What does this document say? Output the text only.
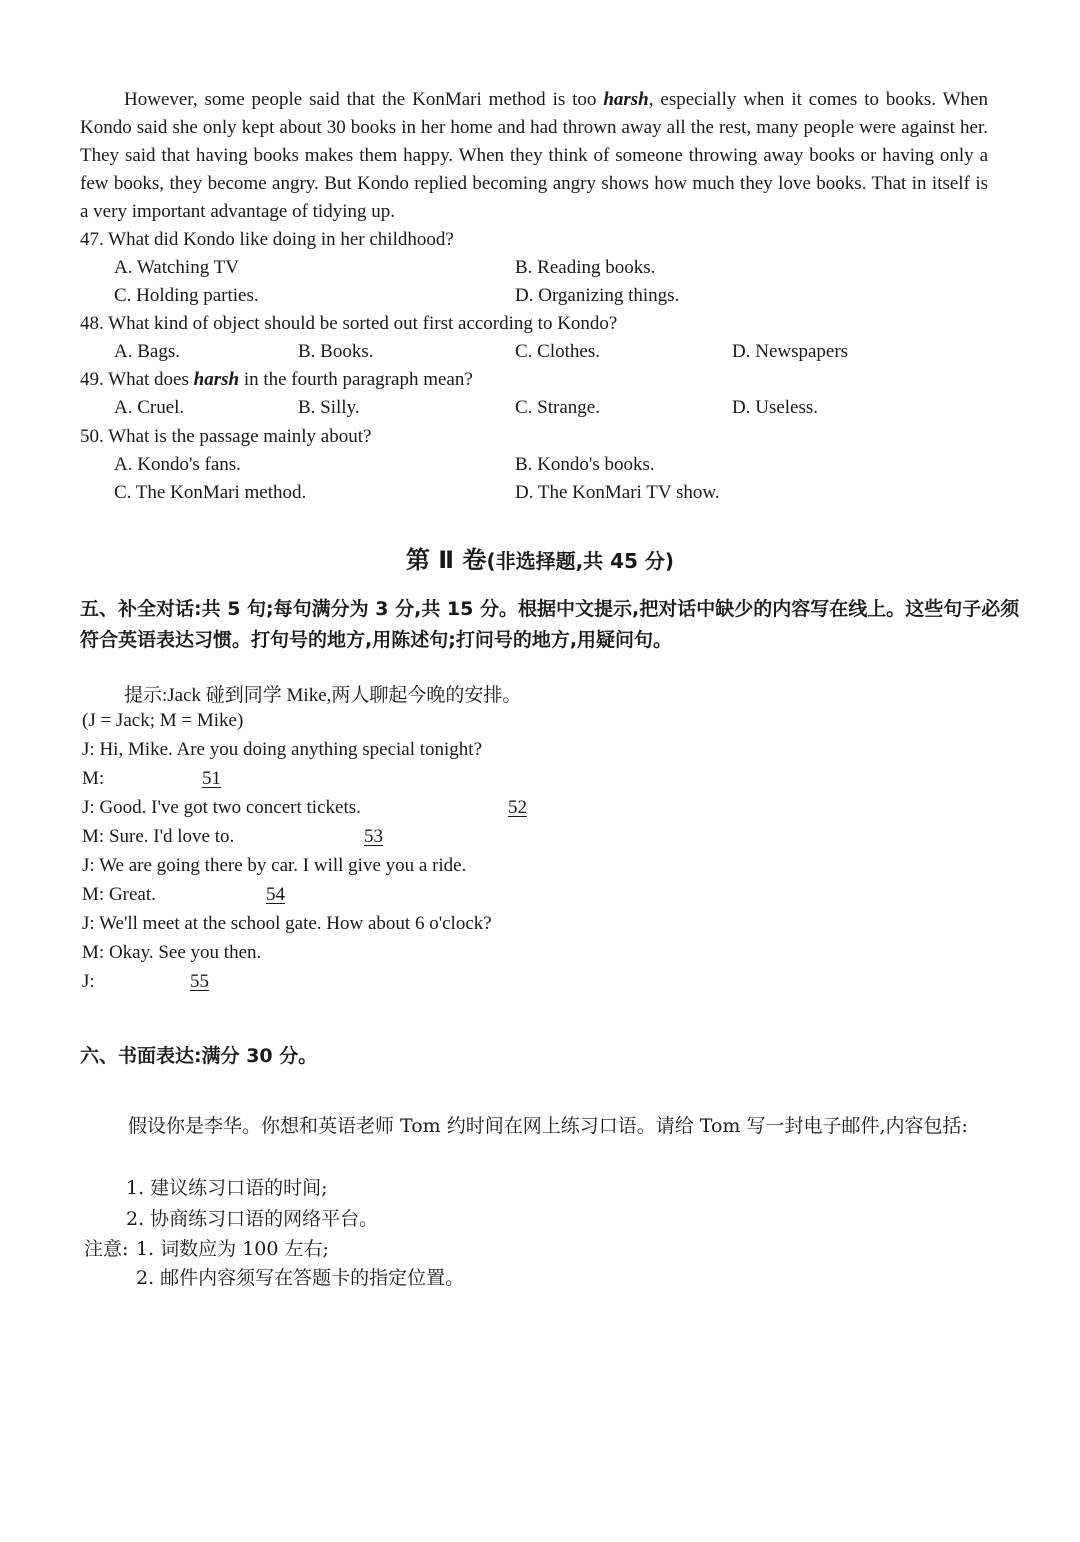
However, some people said that the KonMari method is too harsh, especially when it comes to books. When Kondo said she only kept about 30 books in her home and had thrown away all the rest, many people were against her. They said that having books makes them happy. When they think of someone throwing away books or having only a few books, they become angry. But Kondo replied becoming angry shows how much they love books. That in itself is a very important advantage of tidying up.

47. What did Kondo like doing in her childhood?
A. Watching TV	B. Reading books.
C. Holding parties.	D. Organizing things.
48. What kind of object should be sorted out first according to Kondo?
A. Bags.	B. Books.	C. Clothes.	D. Newspapers
49. What does harsh in the fourth paragraph mean?
A. Cruel.	B. Silly.	C. Strange.	D. Useless.
50. What is the passage mainly about?
A. Kondo's fans.	B. Kondo's books.
C. The KonMari method.	D. The KonMari TV show.
第 Ⅱ 卷(非选择题,共 45 分)

五、补全对话:共 5 句;每句满分为 3 分,共 15 分。根据中文提示,把对话中缺少的内容写在线上。这些句子必须符合英语表达习惯。打句号的地方,用陈述句;打问号的地方,用疑问句。

提示:Jack 碰到同学 Mike,两人聊起今晚的安排。
(J = Jack; M = Mike)
J: Hi, Mike. Are you doing anything special tonight?
M:	51
J: Good. I've got two concert tickets.	52
M: Sure. I'd love to.	53
J: We are going there by car. I will give you a ride.
M: Great.	54
J: We'll meet at the school gate. How about 6 o'clock?
M: Okay. See you then.
J:	55
六、书面表达:满分 30 分。

假设你是李华。你想和英语老师 Tom 约时间在网上练习口语。请给 Tom 写一封电子邮件,内容包括:

1. 建议练习口语的时间;
2. 协商练习口语的网络平台。
注意: 1. 词数应为 100 左右;
2. 邮件内容须写在答题卡的指定位置。
